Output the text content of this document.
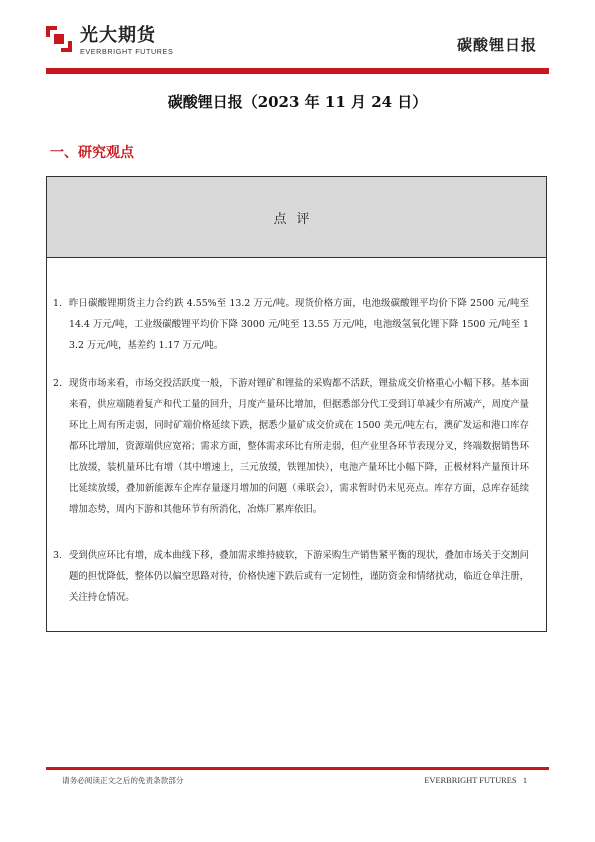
光大期货
EVERBRIGHT FUTURES	碳酸锂日报
碳酸锂日报（2023 年 11 月 24 日）
一、研究观点
点评
1. 昨日碳酸锂期货主力合约跌 4.55%至 13.2 万元/吨。现货价格方面，电池级碳酸锂平均价下降 2500 元/吨至 14.4 万元/吨，工业级碳酸锂平均价下降 3000 元/吨至 13.55 万元/吨，电池级氢氧化锂下降 1500 元/吨至 13.2 万元/吨，基差约 1.17 万元/吨。

2. 现货市场来看，市场交投活跃度一般，下游对锂矿和锂盐的采购都不活跃，锂盐成交价格重心小幅下移。基本面来看，供应端随着复产和代工量的回升，月度产量环比增加，但据悉部分代工受到订单减少有所减产，周度产量环比上周有所走弱，同时矿端价格延续下跌，据悉少量矿成交价或在 1500 美元/吨左右，澳矿发运和港口库存都环比增加，资源端供应宽裕；需求方面，整体需求环比有所走弱，但产业里各环节表现分叉，终端数据销售环比放缓，装机量环比有增（其中增速上，三元放缓，铁锂加快），电池产量环比小幅下降，正极材料产量预计环比延续放缓，叠加新能源车企库存量逐月增加的问题（乘联会），需求暂时仍未见亮点。库存方面，总库存延续增加态势，周内下游和其他环节有所消化，冶炼厂累库依旧。

3. 受到供应环比有增，成本曲线下移，叠加需求维持疲软，下游采购生产销售紧平衡的现状，叠加市场关于交割问题的担忧降低，整体仍以偏空思路对待，价格快速下跌后或有一定韧性，谨防资金和情绪扰动，临近仓单注册，关注持仓情况。

请务必阅读正文之后的免责条款部分	EVERBRIGHT FUTURES 1
